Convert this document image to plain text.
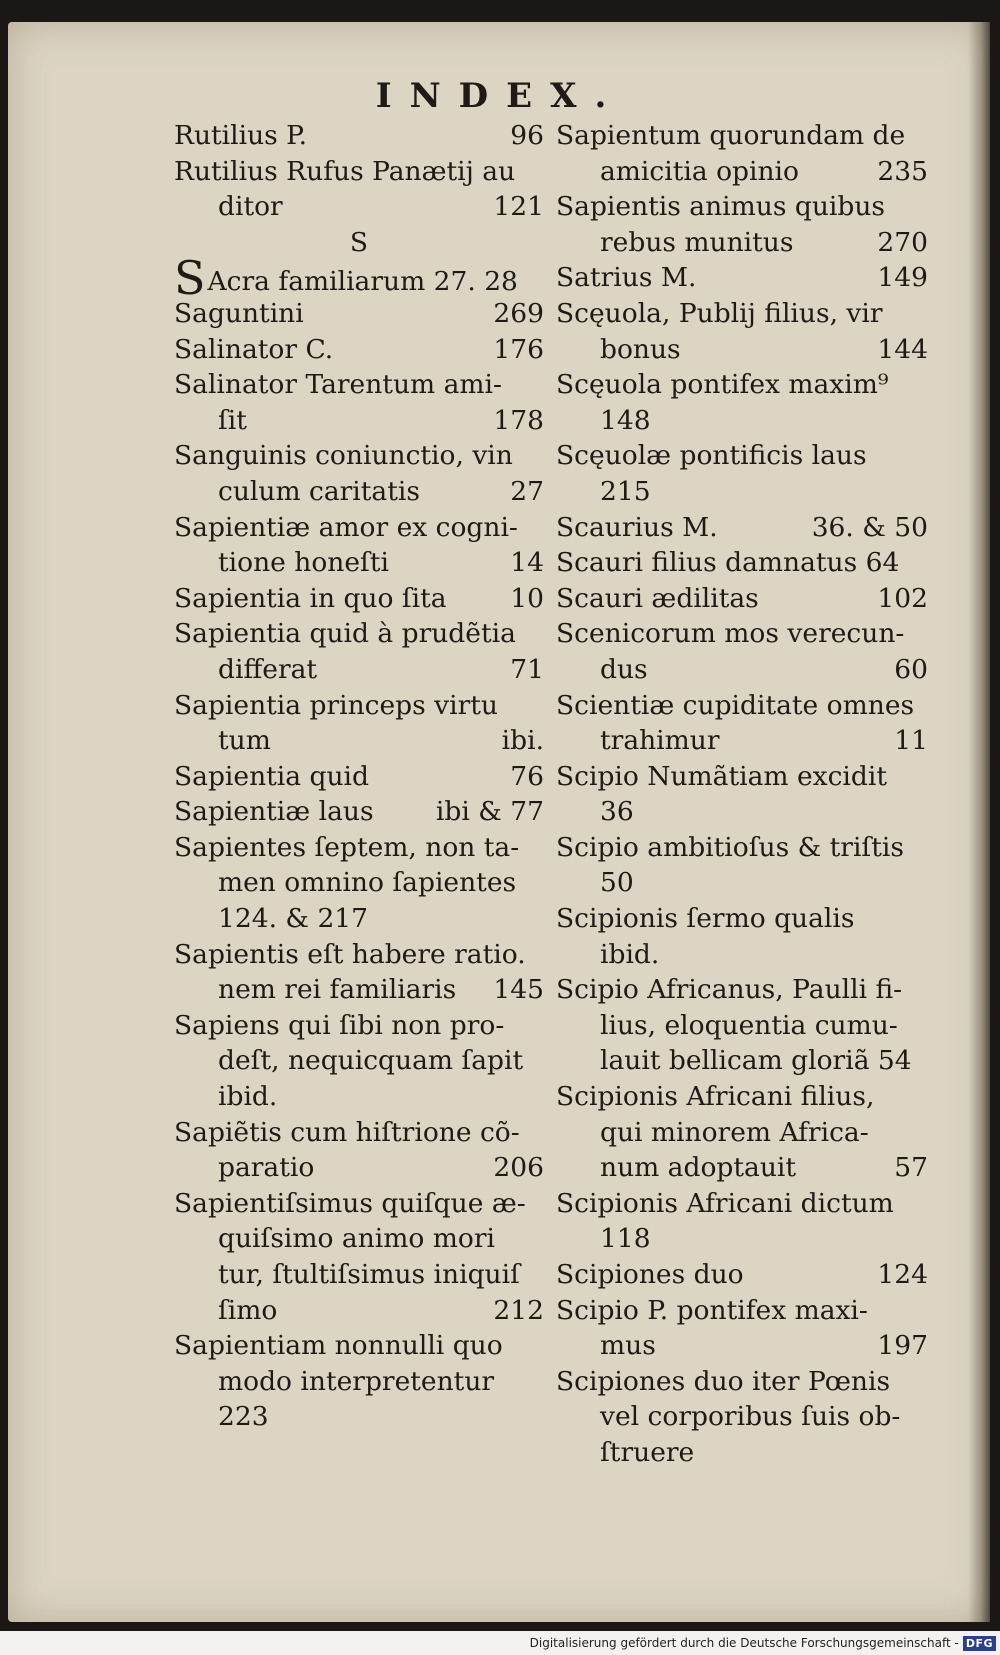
INDEX.
Rutilius P.	96
Rutilius Rufus Panætij au
ditor	121
S
SAcra familiarum 27. 28
Saguntini	269
Salinator C.	176
Salinator Tarentum ami-
ſit	178
Sanguinis coniunctio, vin
culum caritatis	27
Sapientiæ amor ex cogni-
tione honeſti	14
Sapientia in quo ſita	10
Sapientia quid à prudẽtia
differat	71
Sapientia princeps virtu
tum	ibi.
Sapientia quid	76
Sapientiæ laus	ibi & 77
Sapientes ſeptem, non ta-
men omnino ſapientes
124. & 217
Sapientis eſt habere ratio.
nem rei familiaris	145
Sapiens qui ſibi non pro-
deſt, nequicquam ſapit
ibid.
Sapiẽtis cum hiſtrione cõ-
paratio	206
Sapientiſsimus quiſque æ-
quiſsimo animo mori
tur, ſtultiſsimus iniquiſ
ſimo	212
Sapientiam nonnulli quo
modo interpretentur
223
Sapientum quorundam de
amicitia opinio	235
Sapientis animus quibus
rebus munitus	270
Satrius M.	149
Scęuola, Publij filius, vir
bonus	144
Scęuola pontifex maxim⁹
148
Scęuolæ pontificis laus
215
Scaurius M.	36. & 50
Scauri filius damnatus 64
Scauri ædilitas	102
Scenicorum mos verecun-
dus	60
Scientiæ cupiditate omnes
trahimur	11
Scipio Numãtiam excidit
36
Scipio ambitioſus & triſtis
50
Scipionis ſermo qualis
ibid.
Scipio Africanus, Paulli fi-
lius, eloquentia cumu-
lauit bellicam gloriã 54
Scipionis Africani filius,
qui minorem Africa-
num adoptauit	57
Scipionis Africani dictum
118
Scipiones duo	124
Scipio P. pontifex maxi-
mus	197
Scipiones duo iter Pœnis
vel corporibus ſuis ob-
ſtruere
Digitalisierung gefördert durch die Deutsche Forschungsgemeinschaft - DFG
